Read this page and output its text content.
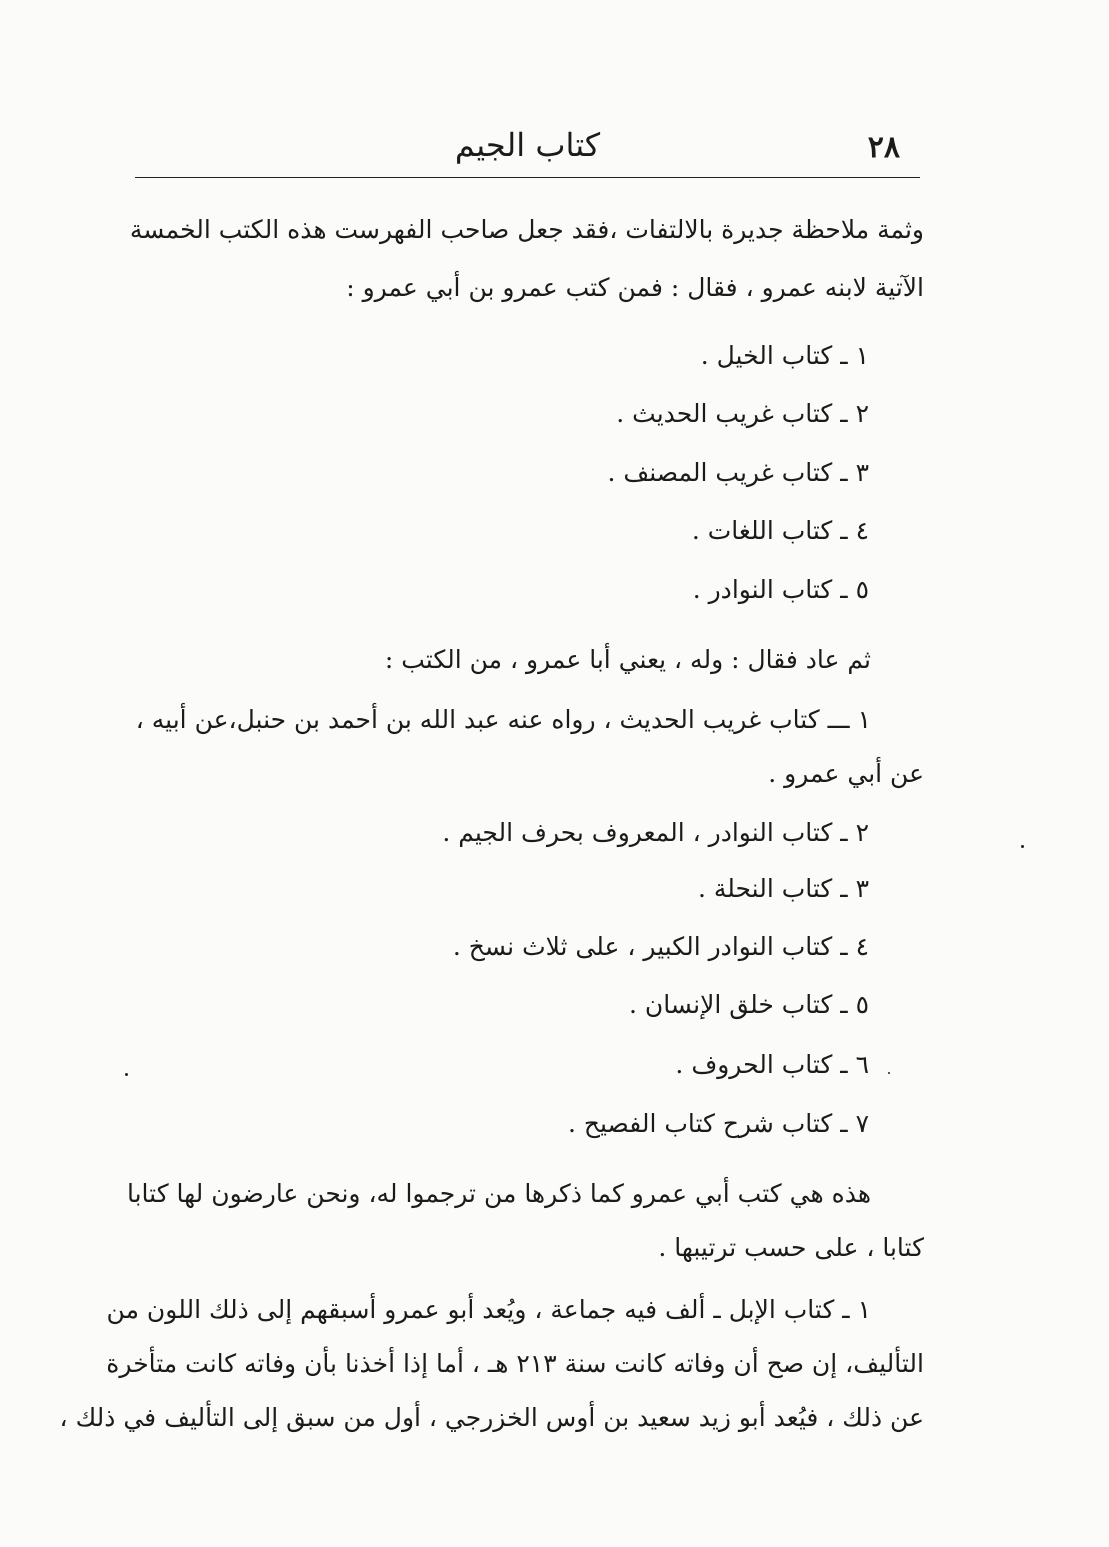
٢٨
كتاب الجيم
وثمة ملاحظة جديرة بالالتفات ،فقد جعل صاحب الفهرست هذه الكتب الخمسة
الآتية لابنه عمرو ، فقال : فمن كتب عمرو بن أبي عمرو :
١ ـ كتاب الخيل .
٢ ـ كتاب غريب الحديث .
٣ ـ كتاب غريب المصنف .
٤ ـ كتاب اللغات .
٥ ـ كتاب النوادر .
ثم عاد فقال : وله ، يعني أبا عمرو ، من الكتب :
١ ـــ كتاب غريب الحديث ، رواه عنه عبد الله بن أحمد بن حنبل،عن أبيه ،
عن أبي عمرو .
٢ ـ كتاب النوادر ، المعروف بحرف الجيم .
٣ ـ كتاب النحلة .
٤ ـ كتاب النوادر الكبير ، على ثلاث نسخ .
٥ ـ كتاب خلق الإنسان .
٦ ـ كتاب الحروف .
٧ ـ كتاب شرح كتاب الفصيح .
هذه هي كتب أبي عمرو كما ذكرها من ترجموا له، ونحن عارضون لها كتابا
كتابا ، على حسب ترتيبها .
١ ـ كتاب الإبل ـ ألف فيه جماعة ، ويُعد أبو عمرو أسبقهم إلى ذلك اللون من
التأليف، إن صح أن وفاته كانت سنة ٢١٣ هـ ، أما إذا أخذنا بأن وفاته كانت متأخرة
عن ذلك ، فيُعد أبو زيد سعيد بن أوس الخزرجي ، أول من سبق إلى التأليف في ذلك ،
